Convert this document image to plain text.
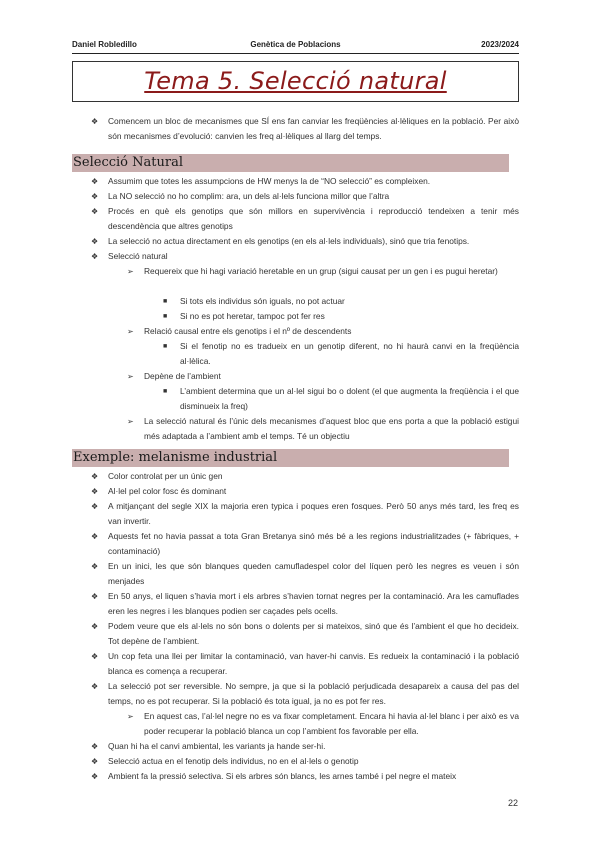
Genètica de Poblacions
Daniel Robledillo	2023/2024
Tema 5. Selecció natural
❖ Comencem un bloc de mecanismes que SÍ ens fan canviar les freqüències al·lèliques en la població. Per això són mecanismes d’evolució: canvien les freq al·lèliques al llarg del temps.
Selecció Natural
❖ Assumim que totes les assumpcions de HW menys la de “NO selecció” es compleixen.
❖ La NO selecció no ho complim: ara, un dels al·lels funciona millor que l’altra
❖ Procés en què els genotips que són millors en supervivència i reproducció tendeixen a tenir més descendència que altres genotips
❖ La selecció no actua directament en els genotips (en els al·lels individuals), sinó que tria fenotips.
❖ Selecció natural
➢ Requereix que hi hagi variació heretable en un grup (sigui causat per un gen i es pugui heretar)
■ Si tots els individus són iguals, no pot actuar
■ Si no es pot heretar, tampoc pot fer res
➢ Relació causal entre els genotips i el nº de descendents
■ Si el fenotip no es tradueix en un genotip diferent, no hi haurà canvi en la freqüència al·lèlica.
➢ Depène de l’ambient
■ L’ambient determina que un al·lel sigui bo o dolent (el que augmenta la freqüència i el que disminueix la freq)
➢ La selecció natural és l’únic dels mecanismes d’aquest bloc que ens porta a que la població estigui més adaptada a l’ambient amb el temps. Té un objectiu
Exemple: melanisme industrial
❖ Color controlat per un únic gen
❖ Al·lel pel color fosc és dominant
❖ A mitjançant del segle XIX la majoria eren typica i poques eren fosques. Però 50 anys més tard, les freq es van invertir.
❖ Aquests fet no havia passat a tota Gran Bretanya sinó més bé a les regions industrialitzades (+ fàbriques, + contaminació)
❖ En un inici, les que són blanques queden camufladespel color del líquen però les negres es veuen i són menjades
❖ En 50 anys, el liquen s’havia mort i els arbres s’havien tornat negres per la contaminació. Ara les camuflades eren les negres i les blanques podien ser caçades pels ocells.
❖ Podem veure que els al·lels no són bons o dolents per si mateixos, sinó que és l’ambient el que ho decideix. Tot depène de l’ambient.
❖ Un cop feta una llei per limitar la contaminació, van haver-hi canvis. Es redueix la contaminació i la població blanca es comença a recuperar.
❖ La selecció pot ser reversible. No sempre, ja que si la població perjudicada desapareix a causa del pas del temps, no es pot recuperar. Si la població és tota igual, ja no es pot fer res.
➢ En aquest cas, l’al·lel negre no es va fixar completament. Encara hi havia al·lel blanc i per això es va poder recuperar la població blanca un cop l’ambient fos favorable per ella.
❖ Quan hi ha el canvi ambiental, les variants ja hande ser-hi.
❖ Selecció actua en el fenotip dels individus, no en el al·lels o genotip
❖ Ambient fa la pressió selectiva. Si els arbres són blancs, les arnes també i pel negre el mateix
22
